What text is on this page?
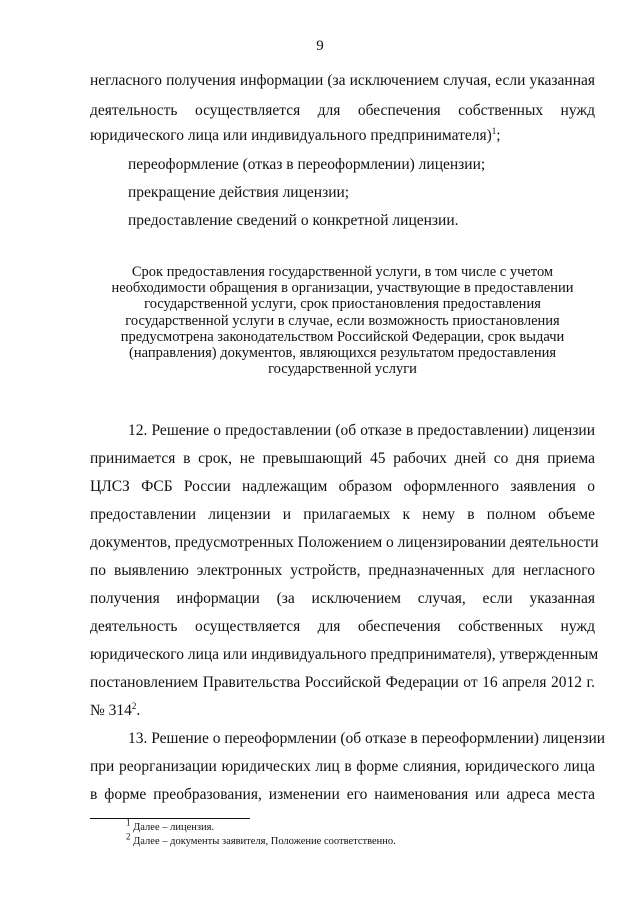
9
негласного получения информации (за исключением случая, если указанная
деятельность осуществляется для обеспечения собственных нужд
юридического лица или индивидуального предпринимателя)$^1$;
переоформление (отказ в переоформлении) лицензии;
прекращение действия лицензии;
предоставление сведений о конкретной лицензии.
Срок предоставления государственной услуги, в том числе с учетом
необходимости обращения в организации, участвующие в предоставлении
государственной услуги, срок приостановления предоставления
государственной услуги в случае, если возможность приостановления
предусмотрена законодательством Российской Федерации, срок выдачи
(направления) документов, являющихся результатом предоставления
государственной услуги
12. Решение о предоставлении (об отказе в предоставлении) лицензии
принимается в срок, не превышающий 45 рабочих дней со дня приема
ЦЛСЗ ФСБ России надлежащим образом оформленного заявления о
предоставлении лицензии и прилагаемых к нему в полном объеме
документов, предусмотренных Положением о лицензировании деятельности
по выявлению электронных устройств, предназначенных для негласного
получения информации (за исключением случая, если указанная
деятельность осуществляется для обеспечения собственных нужд
юридического лица или индивидуального предпринимателя), утвержденным
постановлением Правительства Российской Федерации от 16 апреля 2012 г.
№ $314^2$.
13. Решение о переоформлении (об отказе в переоформлении) лицензии
при реорганизации юридических лиц в форме слияния, юридического лица
в форме преобразования, изменении его наименования или адреса места
$^1$ Далее – лицензия.
$^2$ Далее – документы заявителя, Положение соответственно.
